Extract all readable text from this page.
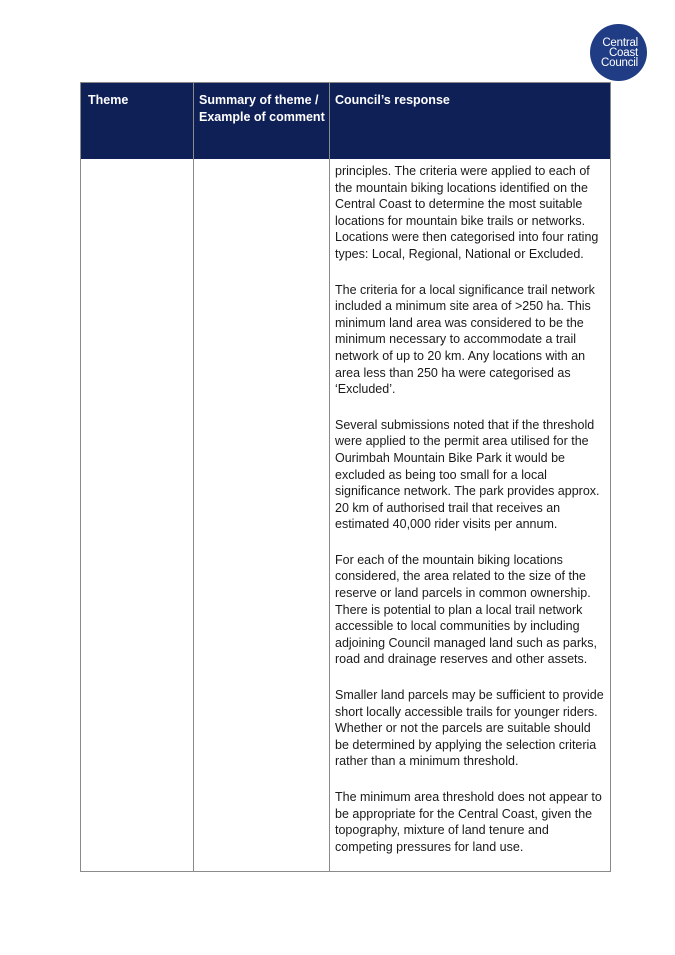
Central
Coast
Council
Theme	Summary of theme / Example of comment
Council’s response

principles. The criteria were applied to each of the mountain biking locations identified on the Central Coast to determine the most suitable locations for mountain bike trails or networks. Locations were then categorised into four rating types: Local, Regional, National or Excluded.

The criteria for a local significance trail network included a minimum site area of >250 ha. This minimum land area was considered to be the minimum necessary to accommodate a trail network of up to 20 km. Any locations with an area less than 250 ha were categorised as ‘Excluded’.

Several submissions noted that if the threshold were applied to the permit area utilised for the Ourimbah Mountain Bike Park it would be excluded as being too small for a local significance network. The park provides approx. 20 km of authorised trail that receives an estimated 40,000 rider visits per annum.

For each of the mountain biking locations considered, the area related to the size of the reserve or land parcels in common ownership. There is potential to plan a local trail network accessible to local communities by including adjoining Council managed land such as parks, road and drainage reserves and other assets.

Smaller land parcels may be sufficient to provide short locally accessible trails for younger riders. Whether or not the parcels are suitable should be determined by applying the selection criteria rather than a minimum threshold.

The minimum area threshold does not appear to be appropriate for the Central Coast, given the topography, mixture of land tenure and competing pressures for land use.
